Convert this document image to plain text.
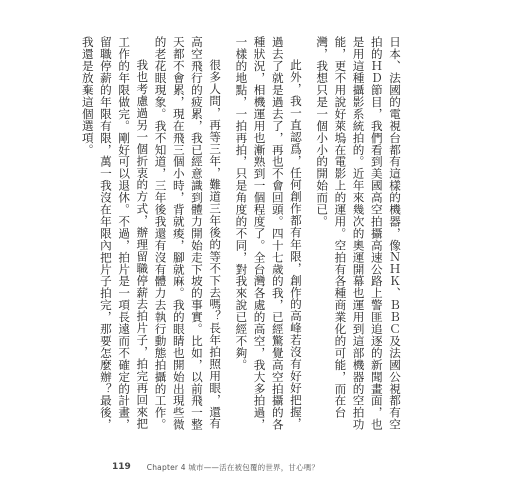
日本、法國的電視台都有這樣的機器，像ＮＨＫ、ＢＢＣ及法國公視都有空拍的ＨＤ節目，我們看到美國高空拍攝高速公路上警匪追逐的新聞畫面，也是用這種攝影系統拍的。近年來幾次的奧運開幕也運用到這部機器的空拍功能，更不用說好萊塢在電影上的運用。空拍有各種商業化的可能，而在台灣，我想只是一個小小的開始而已。

此外，我一直認爲，任何創作都有年限，創作的高峰若沒有好好把握，過去了就是過去了，再也不會回頭。四十七歲的我，已經驚覺高空拍攝的各種狀況，相機運用也漸熟到一個程度了。全台灣各處的高空，我大多拍過，一樣的地點，一拍再拍，只是角度的不同，對我來說已經不夠。

很多人問，再等三年，難道三年後的等不下去嗎？長年拍照用眼，還有高空飛行的疲累，我已經意識到體力開始走下坡的事實。比如，以前飛一整天都不會累，現在飛三個小時，背就痠，腳就麻。我的眼睛也開始出現些微的老花眼現象。我不知道，三年後我還有沒有體力去執行動態拍攝的工作。

我也考慮過另一個折衷的方式，辦理留職停薪去拍片子，拍完再回來把工作的年限做完。剛好可以退休。不過，拍片是一項長遠而不確定的計畫，留職停薪的年限有限，萬一我沒在年限內把片子拍完，那要怎麼辦？最後，我還是放棄這個選項。

119 Chapter 4 城市——活在被包覆的世界，甘心嗎？
